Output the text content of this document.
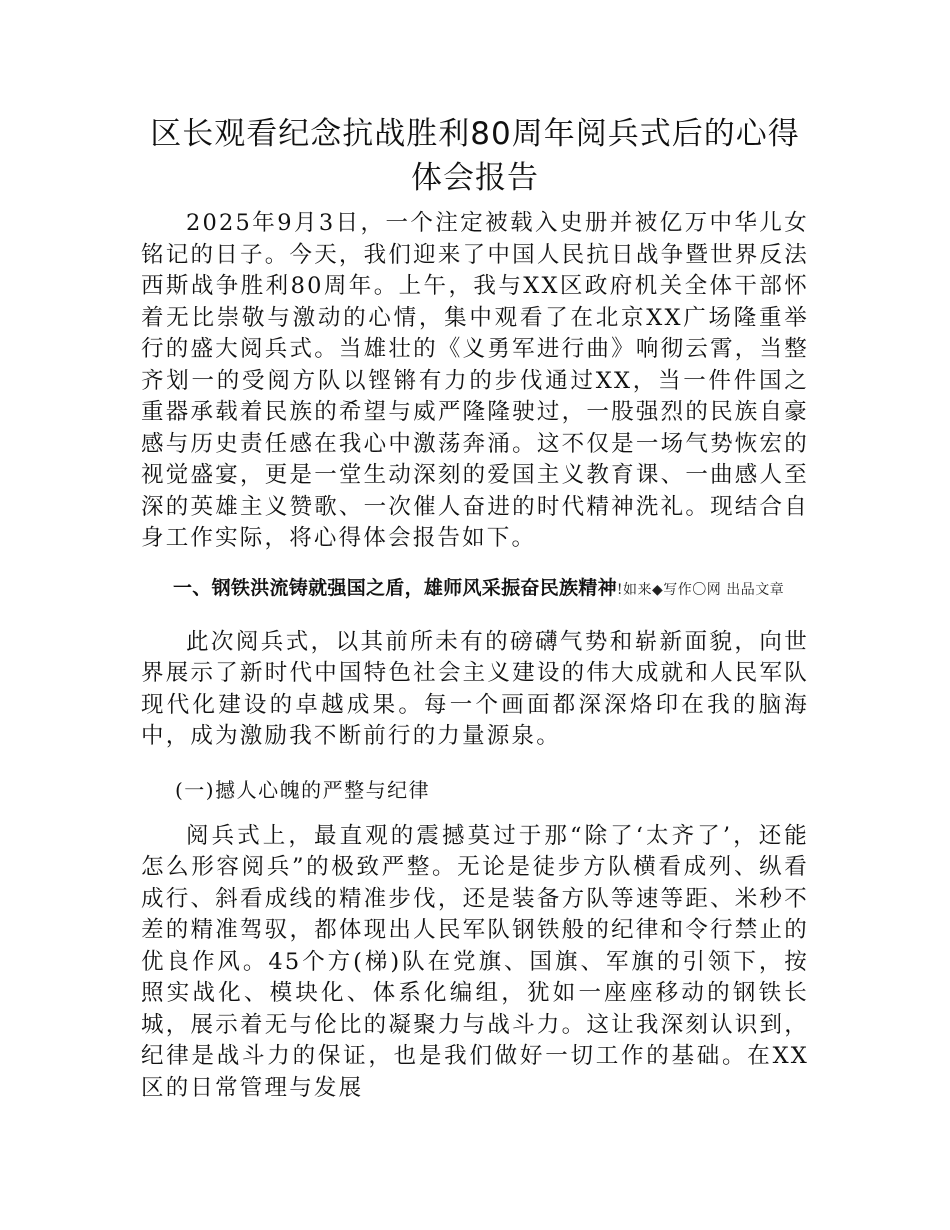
区长观看纪念抗战胜利80周年阅兵式后的心得
体会报告

2025年9月3日，一个注定被载入史册并被亿万中华儿女铭记的日子。今天，我们迎来了中国人民抗日战争暨世界反法西斯战争胜利80周年。上午，我与XX区政府机关全体干部怀着无比崇敬与激动的心情，集中观看了在北京XX广场隆重举行的盛大阅兵式。当雄壮的《义勇军进行曲》响彻云霄，当整齐划一的受阅方队以铿锵有力的步伐通过XX，当一件件国之重器承载着民族的希望与威严隆隆驶过，一股强烈的民族自豪感与历史责任感在我心中激荡奔涌。这不仅是一场气势恢宏的视觉盛宴，更是一堂生动深刻的爱国主义教育课、一曲感人至深的英雄主义赞歌、一次催人奋进的时代精神洗礼。现结合自身工作实际，将心得体会报告如下。

一、钢铁洪流铸就强国之盾，雄师风采振奋民族精神!如来◆写作〇网 出品文章

此次阅兵式，以其前所未有的磅礴气势和崭新面貌，向世界展示了新时代中国特色社会主义建设的伟大成就和人民军队现代化建设的卓越成果。每一个画面都深深烙印在我的脑海中，成为激励我不断前行的力量源泉。

(一)撼人心魄的严整与纪律

阅兵式上，最直观的震撼莫过于那“除了‘太齐了’，还能怎么形容阅兵”的极致严整。无论是徒步方队横看成列、纵看成行、斜看成线的精准步伐，还是装备方队等速等距、米秒不差的精准驾驭，都体现出人民军队钢铁般的纪律和令行禁止的优良作风。45个方(梯)队在党旗、国旗、军旗的引领下，按照实战化、模块化、体系化编组，犹如一座座移动的钢铁长城，展示着无与伦比的凝聚力与战斗力。这让我深刻认识到，纪律是战斗力的保证，也是我们做好一切工作的基础。在XX区的日常管理与发展
